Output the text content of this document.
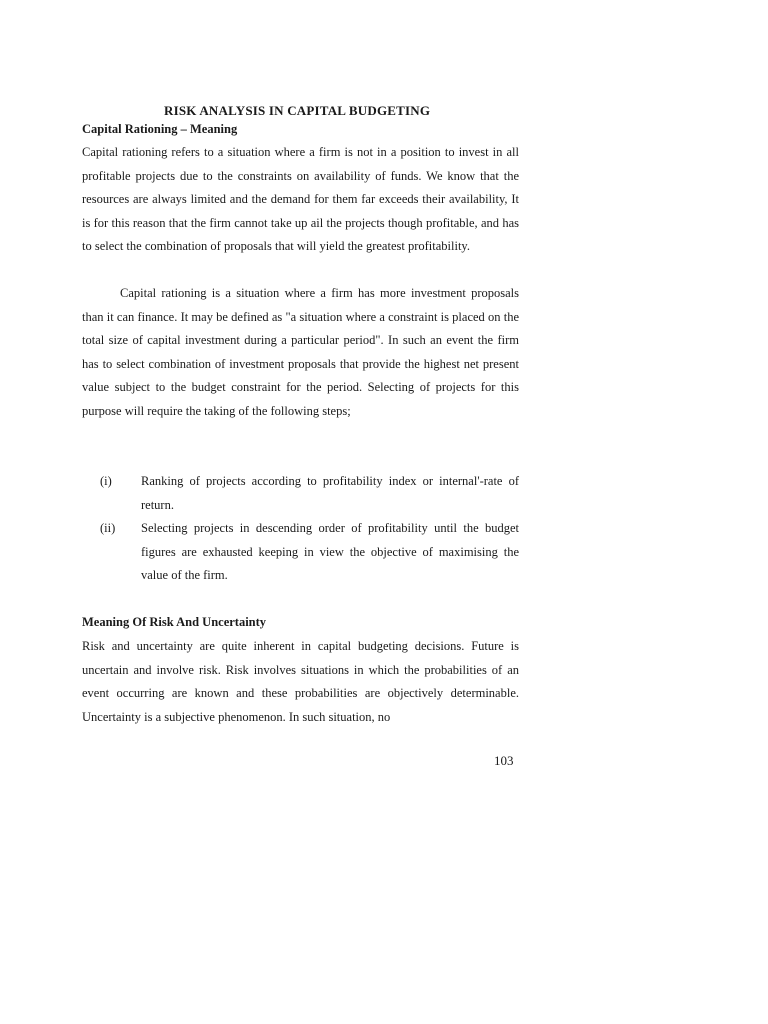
RISK ANALYSIS IN CAPITAL BUDGETING
Capital Rationing – Meaning

Capital rationing refers to a situation where a firm is not in a position to invest in all profitable projects due to the constraints on availability of funds. We know that the resources are always limited and the demand for them far exceeds their availability, It is for this reason that the firm cannot take up ail the projects though profitable, and has to select the combination of proposals that will yield the greatest profitability.

Capital rationing is a situation where a firm has more investment proposals than it can finance. It may be defined as "a situation where a constraint is placed on the total size of capital investment during a particular period". In such an event the firm has to select combination of investment proposals that provide the highest net present value subject to the budget constraint for the period. Selecting of projects for this purpose will require the taking of the following steps;

(i) Ranking of projects according to profitability index or internal'-rate of return.
(ii) Selecting projects in descending order of profitability until the budget figures are exhausted keeping in view the objective of maximising the value of the firm.
Meaning Of Risk And Uncertainty

Risk and uncertainty are quite inherent in capital budgeting decisions. Future is uncertain and involve risk. Risk involves situations in which the probabilities of an event occurring are known and these probabilities are objectively determinable. Uncertainty is a subjective phenomenon. In such situation, no

103
